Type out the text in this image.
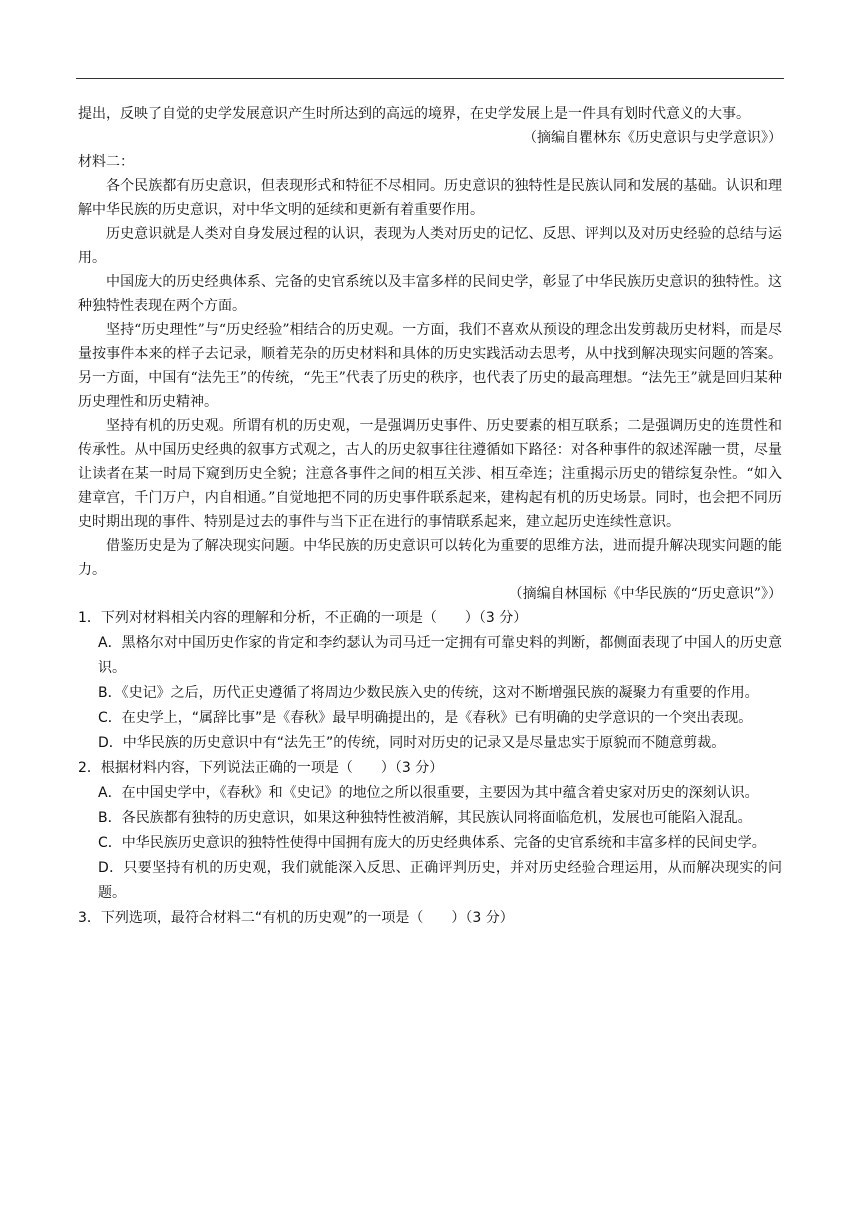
提出，反映了自觉的史学发展意识产生时所达到的高远的境界，在史学发展上是一件具有划时代意义的大事。

（摘编自瞿林东《历史意识与史学意识》）

材料二：

各个民族都有历史意识，但表现形式和特征不尽相同。历史意识的独特性是民族认同和发展的基础。认识和理解中华民族的历史意识，对中华文明的延续和更新有着重要作用。

历史意识就是人类对自身发展过程的认识，表现为人类对历史的记忆、反思、评判以及对历史经验的总结与运用。

中国庞大的历史经典体系、完备的史官系统以及丰富多样的民间史学，彰显了中华民族历史意识的独特性。这种独特性表现在两个方面。

坚持“历史理性”与“历史经验”相结合的历史观。一方面，我们不喜欢从预设的理念出发剪裁历史材料，而是尽量按事件本来的样子去记录，顺着芜杂的历史材料和具体的历史实践活动去思考，从中找到解决现实问题的答案。另一方面，中国有“法先王”的传统，“先王”代表了历史的秩序，也代表了历史的最高理想。“法先王”就是回归某种历史理性和历史精神。

坚持有机的历史观。所谓有机的历史观，一是强调历史事件、历史要素的相互联系；二是强调历史的连贯性和传承性。从中国历史经典的叙事方式观之，古人的历史叙事往往遵循如下路径：对各种事件的叙述浑融一贯，尽量让读者在某一时局下窥到历史全貌；注意各事件之间的相互关涉、相互牵连；注重揭示历史的错综复杂性。“如入建章宫，千门万户，内自相通。”自觉地把不同的历史事件联系起来，建构起有机的历史场景。同时，也会把不同历史时期出现的事件、特别是过去的事件与当下正在进行的事情联系起来，建立起历史连续性意识。

借鉴历史是为了解决现实问题。中华民族的历史意识可以转化为重要的思维方法，进而提升解决现实问题的能力。

（摘编自林国标《中华民族的“历史意识”》）

1．下列对材料相关内容的理解和分析，不正确的一项是（　　）（3 分）

A．黑格尔对中国历史作家的肯定和李约瑟认为司马迁一定拥有可靠史料的判断，都侧面表现了中国人的历史意识。

B．《史记》之后，历代正史遵循了将周边少数民族入史的传统，这对不断增强民族的凝聚力有重要的作用。

C．在史学上，“属辞比事”是《春秋》最早明确提出的，是《春秋》已有明确的史学意识的一个突出表现。

D．中华民族的历史意识中有“法先王”的传统，同时对历史的记录又是尽量忠实于原貌而不随意剪裁。

2．根据材料内容，下列说法正确的一项是（　　）（3 分）

A．在中国史学中，《春秋》和《史记》的地位之所以很重要，主要因为其中蕴含着史家对历史的深刻认识。

B．各民族都有独特的历史意识，如果这种独特性被消解，其民族认同将面临危机，发展也可能陷入混乱。

C．中华民族历史意识的独特性使得中国拥有庞大的历史经典体系、完备的史官系统和丰富多样的民间史学。

D．只要坚持有机的历史观，我们就能深入反思、正确评判历史，并对历史经验合理运用，从而解决现实的问题。

3．下列选项，最符合材料二“有机的历史观”的一项是（　　）（3 分）
